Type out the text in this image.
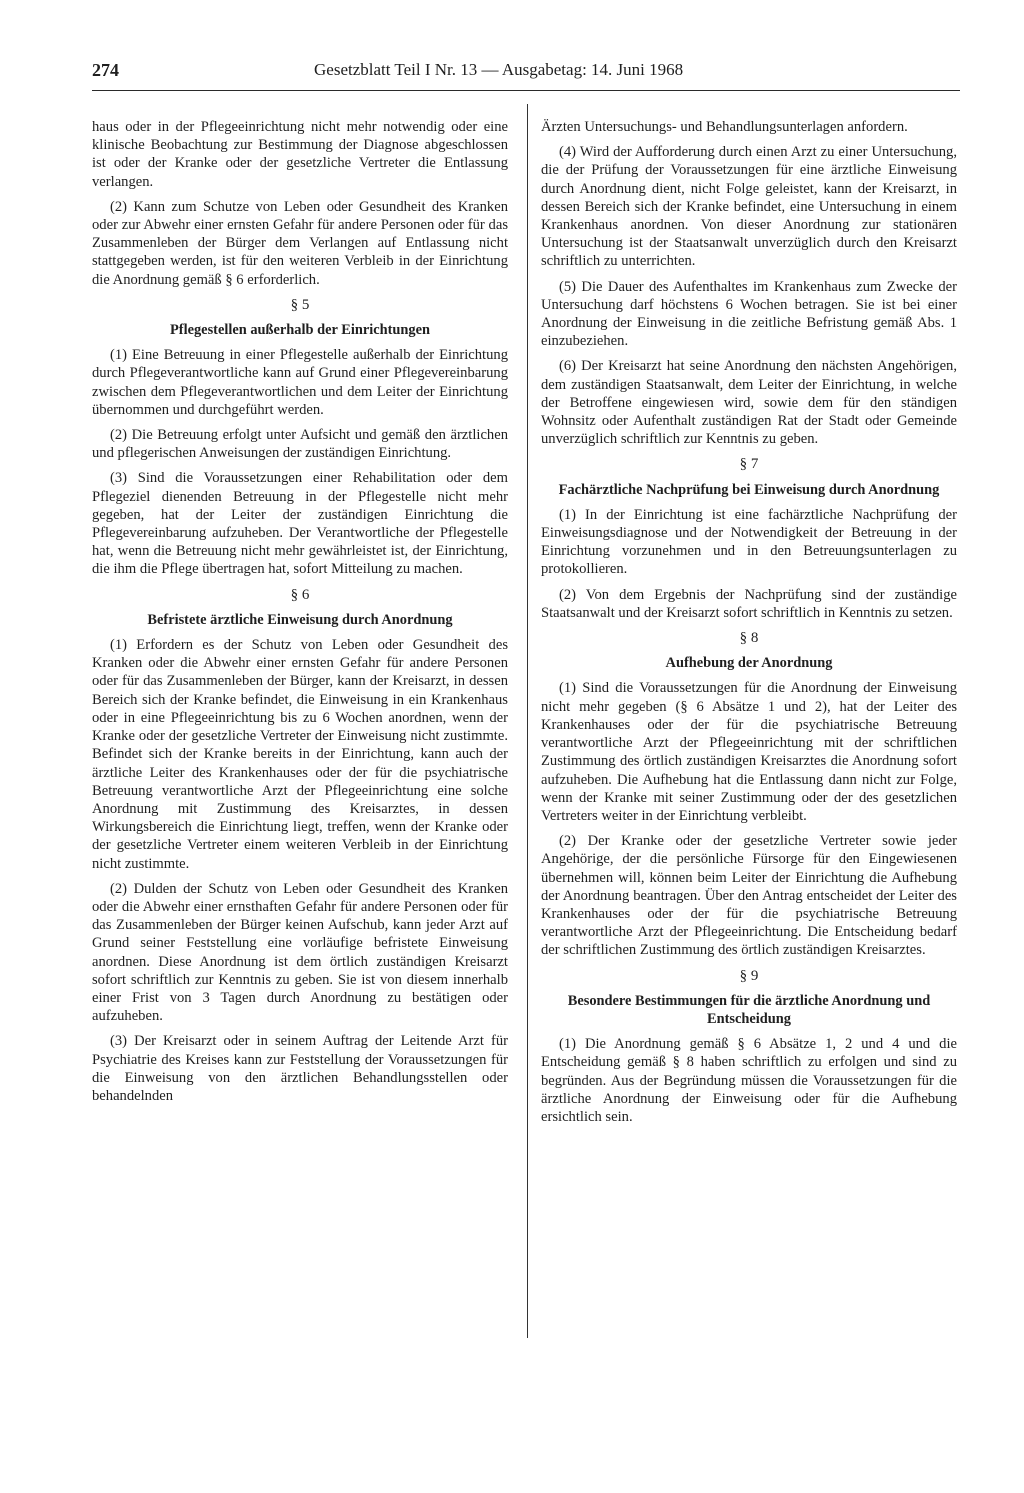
274	Gesetzblatt Teil I Nr. 13 — Ausgabetag: 14. Juni 1968

haus oder in der Pflegeeinrichtung nicht mehr notwendig oder eine klinische Beobachtung zur Bestimmung der Diagnose abgeschlossen ist oder der Kranke oder der gesetzliche Vertreter die Entlassung verlangen.

(2) Kann zum Schutze von Leben oder Gesundheit des Kranken oder zur Abwehr einer ernsten Gefahr für andere Personen oder für das Zusammenleben der Bürger dem Verlangen auf Entlassung nicht stattgegeben werden, ist für den weiteren Verbleib in der Einrichtung die Anordnung gemäß § 6 erforderlich.

§ 5

Pflegestellen außerhalb der Einrichtungen

(1) Eine Betreuung in einer Pflegestelle außerhalb der Einrichtung durch Pflegeverantwortliche kann auf Grund einer Pflegevereinbarung zwischen dem Pflegeverantwortlichen und dem Leiter der Einrichtung übernommen und durchgeführt werden.

(2) Die Betreuung erfolgt unter Aufsicht und gemäß den ärztlichen und pflegerischen Anweisungen der zuständigen Einrichtung.

(3) Sind die Voraussetzungen einer Rehabilitation oder dem Pflegeziel dienenden Betreuung in der Pflegestelle nicht mehr gegeben, hat der Leiter der zuständigen Einrichtung die Pflegevereinbarung aufzuheben. Der Verantwortliche der Pflegestelle hat, wenn die Betreuung nicht mehr gewährleistet ist, der Einrichtung, die ihm die Pflege übertragen hat, sofort Mitteilung zu machen.

§ 6

Befristete ärztliche Einweisung durch Anordnung

(1) Erfordern es der Schutz von Leben oder Gesundheit des Kranken oder die Abwehr einer ernsten Gefahr für andere Personen oder für das Zusammenleben der Bürger, kann der Kreisarzt, in dessen Bereich sich der Kranke befindet, die Einweisung in ein Krankenhaus oder in eine Pflegeeinrichtung bis zu 6 Wochen anordnen, wenn der Kranke oder der gesetzliche Vertreter der Einweisung nicht zustimmte. Befindet sich der Kranke bereits in der Einrichtung, kann auch der ärztliche Leiter des Krankenhauses oder der für die psychiatrische Betreuung verantwortliche Arzt der Pflegeeinrichtung eine solche Anordnung mit Zustimmung des Kreisarztes, in dessen Wirkungsbereich die Einrichtung liegt, treffen, wenn der Kranke oder der gesetzliche Vertreter einem weiteren Verbleib in der Einrichtung nicht zustimmte.

(2) Dulden der Schutz von Leben oder Gesundheit des Kranken oder die Abwehr einer ernsthaften Gefahr für andere Personen oder für das Zusammenleben der Bürger keinen Aufschub, kann jeder Arzt auf Grund seiner Feststellung eine vorläufige befristete Einweisung anordnen. Diese Anordnung ist dem örtlich zuständigen Kreisarzt sofort schriftlich zur Kenntnis zu geben. Sie ist von diesem innerhalb einer Frist von 3 Tagen durch Anordnung zu bestätigen oder aufzuheben.

(3) Der Kreisarzt oder in seinem Auftrag der Leitende Arzt für Psychiatrie des Kreises kann zur Feststellung der Voraussetzungen für die Einweisung von den ärztlichen Behandlungsstellen oder behandelnden

Ärzten Untersuchungs- und Behandlungsunterlagen anfordern.

(4) Wird der Aufforderung durch einen Arzt zu einer Untersuchung, die der Prüfung der Voraussetzungen für eine ärztliche Einweisung durch Anordnung dient, nicht Folge geleistet, kann der Kreisarzt, in dessen Bereich sich der Kranke befindet, eine Untersuchung in einem Krankenhaus anordnen. Von dieser Anordnung zur stationären Untersuchung ist der Staatsanwalt unverzüglich durch den Kreisarzt schriftlich zu unterrichten.

(5) Die Dauer des Aufenthaltes im Krankenhaus zum Zwecke der Untersuchung darf höchstens 6 Wochen betragen. Sie ist bei einer Anordnung der Einweisung in die zeitliche Befristung gemäß Abs. 1 einzubeziehen.

(6) Der Kreisarzt hat seine Anordnung den nächsten Angehörigen, dem zuständigen Staatsanwalt, dem Leiter der Einrichtung, in welche der Betroffene eingewiesen wird, sowie dem für den ständigen Wohnsitz oder Aufenthalt zuständigen Rat der Stadt oder Gemeinde unverzüglich schriftlich zur Kenntnis zu geben.

§ 7

Fachärztliche Nachprüfung bei Einweisung durch Anordnung

(1) In der Einrichtung ist eine fachärztliche Nachprüfung der Einweisungsdiagnose und der Notwendigkeit der Betreuung in der Einrichtung vorzunehmen und in den Betreuungsunterlagen zu protokollieren.

(2) Von dem Ergebnis der Nachprüfung sind der zuständige Staatsanwalt und der Kreisarzt sofort schriftlich in Kenntnis zu setzen.

§ 8

Aufhebung der Anordnung

(1) Sind die Voraussetzungen für die Anordnung der Einweisung nicht mehr gegeben (§ 6 Absätze 1 und 2), hat der Leiter des Krankenhauses oder der für die psychiatrische Betreuung verantwortliche Arzt der Pflegeeinrichtung mit der schriftlichen Zustimmung des örtlich zuständigen Kreisarztes die Anordnung sofort aufzuheben. Die Aufhebung hat die Entlassung dann nicht zur Folge, wenn der Kranke mit seiner Zustimmung oder der des gesetzlichen Vertreters weiter in der Einrichtung verbleibt.

(2) Der Kranke oder der gesetzliche Vertreter sowie jeder Angehörige, der die persönliche Fürsorge für den Eingewiesenen übernehmen will, können beim Leiter der Einrichtung die Aufhebung der Anordnung beantragen. Über den Antrag entscheidet der Leiter des Krankenhauses oder der für die psychiatrische Betreuung verantwortliche Arzt der Pflegeeinrichtung. Die Entscheidung bedarf der schriftlichen Zustimmung des örtlich zuständigen Kreisarztes.

§ 9

Besondere Bestimmungen für die ärztliche Anordnung und Entscheidung

(1) Die Anordnung gemäß § 6 Absätze 1, 2 und 4 und die Entscheidung gemäß § 8 haben schriftlich zu erfolgen und sind zu begründen. Aus der Begründung müssen die Voraussetzungen für die ärztliche Anordnung der Einweisung oder für die Aufhebung ersichtlich sein.
